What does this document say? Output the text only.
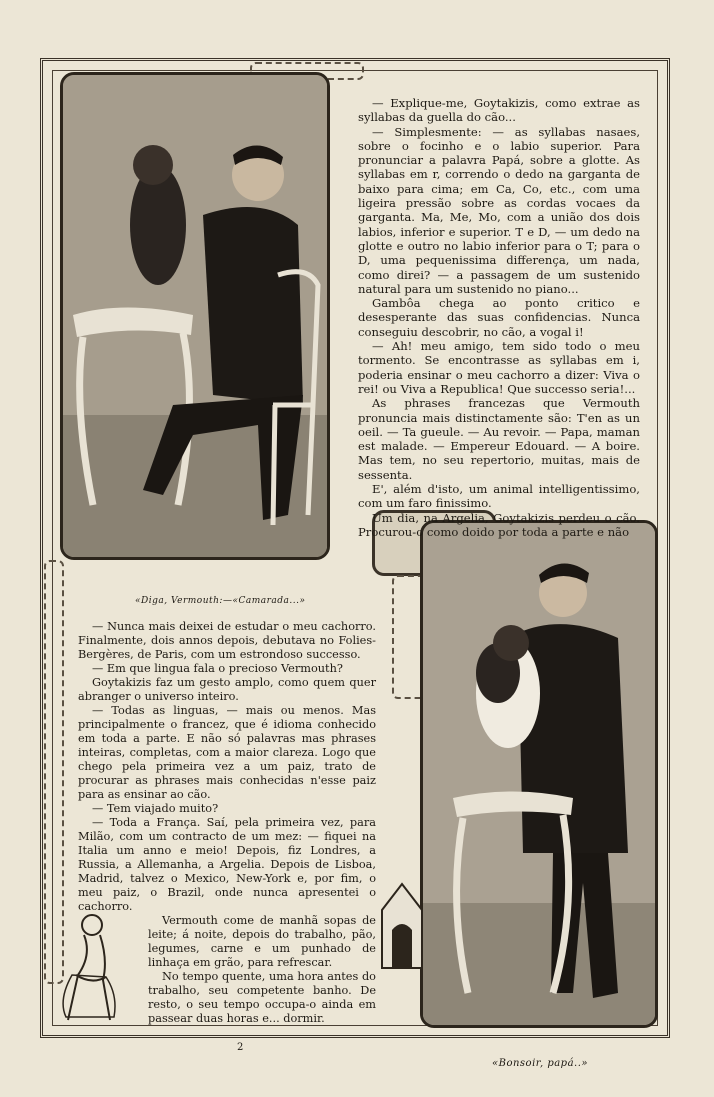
— Explique-me, Goytakizis, como extrae as syllabas da guella do cão...

— Simplesmente: — as syllabas nasaes, sobre o focinho e o labio superior. Para pronunciar a palavra Papá, sobre a glotte. As syllabas em r, correndo o dedo na garganta de baixo para cima; em Ca, Co, etc., com uma ligeira pressão sobre as cordas vocaes da garganta. Ma, Me, Mo, com a união dos dois labios, inferior e superior. T e D, — um dedo na glotte e outro no labio inferior para o T; para o D, uma pequenissima differença, um nada, como direi? — a passagem de um sustenido natural para um sustenido no piano...

Gambôa chega ao ponto critico e desesperante das suas confidencias. Nunca conseguiu descobrir, no cão, a vogal i!

— Ah! meu amigo, tem sido todo o meu tormento. Se encontrasse as syllabas em i, poderia ensinar o meu cachorro a dizer: Viva o rei! ou Viva a Republica! Que successo seria!...

As phrases francezas que Vermouth pronuncia mais distinctamente são: T'en as un oeil. — Ta gueule. — Au revoir. — Papa, maman est malade. — Empereur Edouard. — A boire. Mas tem, no seu repertorio, muitas, mais de sessenta.

E', além d'isto, um animal intelligentissimo, com um faro finissimo.

Um dia, na Argelia, Goytakizis perdeu o cão. Procurou-o como doido por toda a parte e não

«Diga, Vermouth:—«Camarada...»

— Nunca mais deixei de estudar o meu cachorro. Finalmente, dois annos depois, debutava no Folies-Bergères, de Paris, com um estrondoso successo.

— Em que lingua fala o precioso Vermouth?

Goytakizis faz um gesto amplo, como quem quer abranger o universo inteiro.

— Todas as linguas, — mais ou menos. Mas principalmente o francez, que é idioma conhecido em toda a parte. E não só palavras mas phrases inteiras, completas, com a maior clareza. Logo que chego pela primeira vez a um paiz, trato de procurar as phrases mais conhecidas n'esse paiz para as ensinar ao cão.

— Tem viajado muito?

— Toda a França. Saí, pela primeira vez, para Milão, com um contracto de um mez: — fiquei na Italia um anno e meio! Depois, fiz Londres, a Russia, a Allemanha, a Argelia. Depois de Lisboa, Madrid, talvez o Mexico, New-York e, por fim, o meu paiz, o Brazil, onde nunca apresentei o cachorro.

Vermouth come de manhã sopas de leite; á noite, depois do trabalho, pão, legumes, carne e um punhado de linhaça em grão, para refrescar.

No tempo quente, uma hora antes do trabalho, seu competente banho. De resto, o seu tempo occupa-o ainda em passear duas horas e... dormir.

2
«Bonsoir, papá..»
